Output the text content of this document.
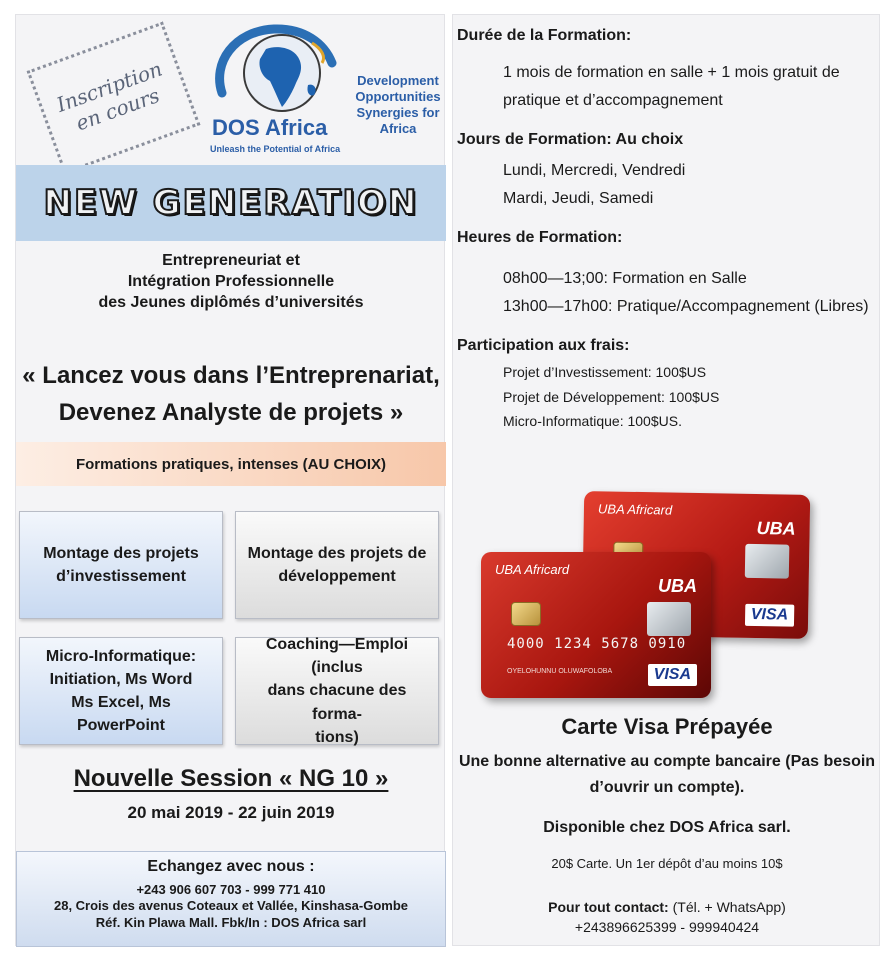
Inscription en cours	DOS Africa
Unleash the Potential of Africa
Development
Opportunities
Synergies for
Africa
NEW GENERATION
Entrepreneuriat et
Intégration Professionnelle
des Jeunes diplômés d’universités
« Lancez vous dans l’Entreprenariat,
Devenez Analyste de projets »
Formations pratiques, intenses (AU CHOIX)
Montage des projets
d’investissement
Montage des projets de
développement
Micro-Informatique:
Initiation, Ms Word
Ms Excel, Ms PowerPoint
Coaching—Emploi (inclus
dans chacune des forma-
tions)
Nouvelle Session « NG 10 »
20 mai 2019 - 22 juin 2019
Echangez avec nous :
+243 906 607 703 - 999 771 410
28, Crois des avenus Coteaux et Vallée, Kinshasa-Gombe
Réf. Kin Plawa Mall. Fbk/In : DOS Africa sarl
Durée de la Formation:
1 mois de formation en salle + 1 mois gratuit de pratique et d’accompagnement
Jours de Formation: Au choix
Lundi, Mercredi, Vendredi
Mardi, Jeudi, Samedi
Heures de Formation:
08h00—13;00: Formation en Salle
13h00—17h00: Pratique/Accompagnement (Libres)
Participation aux frais:
Projet d’Investissement: 100$US
Projet de Développement: 100$US
Micro-Informatique: 100$US.
UBA Africard
UBA
VISA
UBA Africard
UBA
4000 1234 5678 0910
OYELOHUNNU OLUWAFOLOBA	VISA
Carte Visa Prépayée
Une bonne alternative au compte bancaire (Pas besoin
d’ouvrir un compte).
Disponible chez DOS Africa sarl.
20$ Carte. Un 1er dépôt d’au moins 10$
Pour tout contact: (Tél. + WhatsApp)
+243896625399 - 999940424
